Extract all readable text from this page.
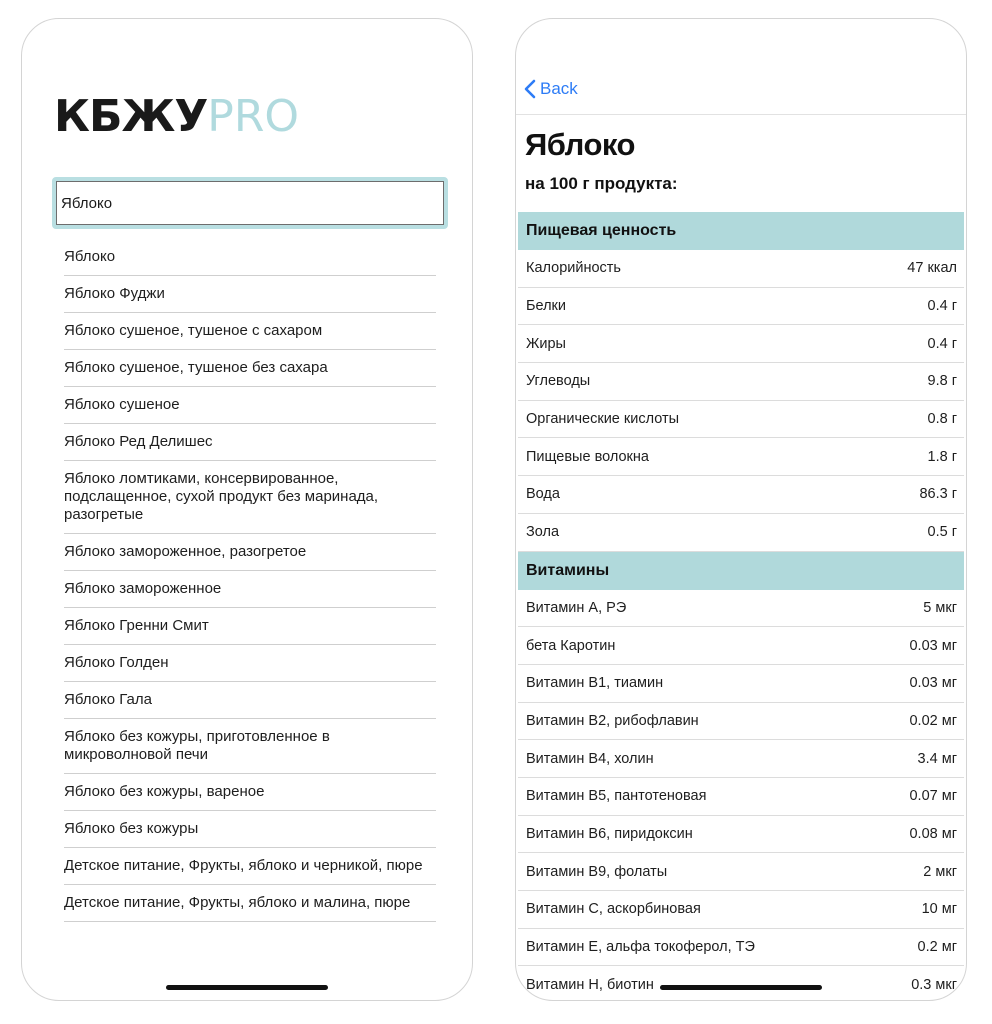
КБЖУPRO
Яблоко
Яблоко
Яблоко Фуджи
Яблоко сушеное, тушеное с сахаром
Яблоко сушеное, тушеное без сахара
Яблоко сушеное
Яблоко Ред Делишес
Яблоко ломтиками, консервированное, подслащенное, сухой продукт без маринада, разогретые
Яблоко замороженное, разогретое
Яблоко замороженное
Яблоко Гренни Смит
Яблоко Голден
Яблоко Гала
Яблоко без кожуры, приготовленное в микроволновой печи
Яблоко без кожуры, вареное
Яблоко без кожуры
Детское питание, Фрукты, яблоко и черникой, пюре
Детское питание, Фрукты, яблоко и малина, пюре
Back
Яблоко
на 100 г продукта:
Пищевая ценность
Калорийность	47 ккал
Белки	0.4 г
Жиры	0.4 г
Углеводы	9.8 г
Органические кислоты	0.8 г
Пищевые волокна	1.8 г
Вода	86.3 г
Зола	0.5 г
Витамины
Витамин А, РЭ	5 мкг
бета Каротин	0.03 мг
Витамин В1, тиамин	0.03 мг
Витамин В2, рибофлавин	0.02 мг
Витамин В4, холин	3.4 мг
Витамин В5, пантотеновая	0.07 мг
Витамин В6, пиридоксин	0.08 мг
Витамин В9, фолаты	2 мкг
Витамин C, аскорбиновая	10 мг
Витамин Е, альфа токоферол, ТЭ	0.2 мг
Витамин Н, биотин	0.3 мкг
